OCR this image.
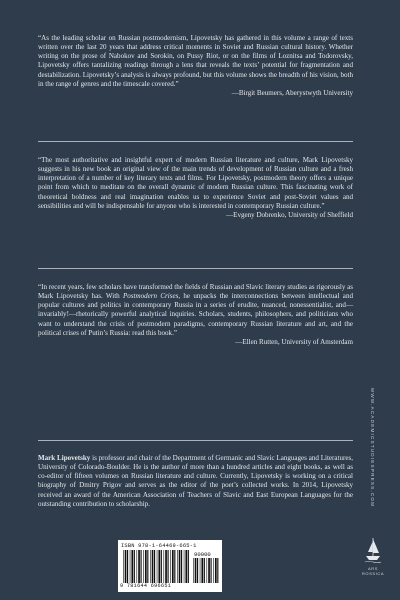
“As the leading scholar on Russian postmodernism, Lipovetsky has gathered in this volume a range of texts written over the last 20 years that address critical moments in Soviet and Russian cultural history. Whether writing on the prose of Nabokov and Sorokin, on Pussy Riot, or on the films of Loznitsa and Todorovsky, Lipovetsky offers tantalizing readings through a lens that reveals the texts’ potential for fragmentation and destabilization. Lipovetsky’s analysis is always profound, but this volume shows the breadth of his vision, both in the range of genres and the timescale covered.”

—Birgit Beumers, Aberystwyth University

“The most authoritative and insightful expert of modern Russian literature and culture, Mark Lipovetsky suggests in his new book an original view of the main trends of development of Russian culture and a fresh interpretation of a number of key literary texts and films. For Lipovetsky, postmodern theory offers a unique point from which to meditate on the overall dynamic of modern Russian culture. This fascinating work of theoretical boldness and real imagination enables us to experience Soviet and post-Soviet values and sensibilities and will be indispensable for anyone who is interested in contemporary Russian culture.”

—Evgeny Dobrenko, University of Sheffield

“In recent years, few scholars have transformed the fields of Russian and Slavic literary studies as rigorously as Mark Lipovetsky has. With Postmodern Crises, he unpacks the interconnections between intellectual and popular cultures and politics in contemporary Russia in a series of erudite, nuanced, nonessentialist, and—invariably!—rhetorically powerful analytical inquiries. Scholars, students, philosophers, and politicians who want to understand the crisis of postmodern paradigms, contemporary Russian literature and art, and the political crises of Putin’s Russia: read this book.”

—Ellen Rutten, University of Amsterdam

Mark Lipovetsky is professor and chair of the Department of Germanic and Slavic Languages and Literatures, University of Colorado-Boulder. He is the author of more than a hundred articles and eight books, as well as co-editor of fifteen volumes on Russian literature and culture. Currently, Lipovetsky is working on a critical biography of Dmitry Prigov and serves as the editor of the poet’s collected works. In 2014, Lipovetsky received an award of the American Association of Teachers of Slavic and East European Languages for the outstanding contribution to scholarship.	WWW.ACADEMICSTUDIESPRESS.COM
ARS ROSSICA
ISBN 978-1-64469-665-1
90000
9 781644 696651
